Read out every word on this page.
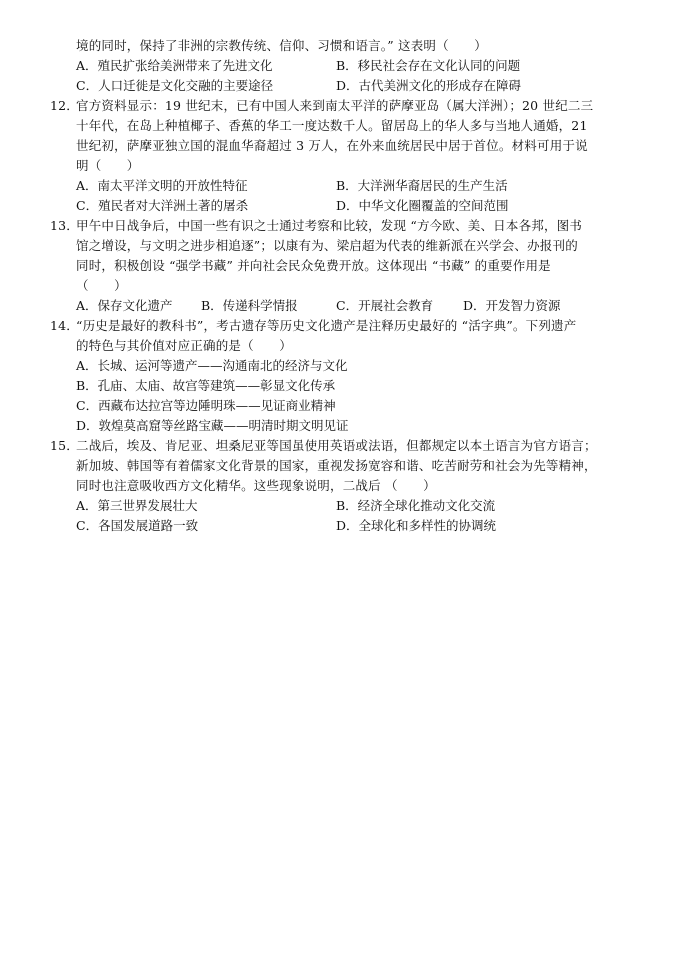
境的同时，保持了非洲的宗教传统、信仰、习惯和语言。” 这表明（　　）
A．殖民扩张给美洲带来了先进文化	B．移民社会存在文化认同的问题
C．人口迁徙是文化交融的主要途径	D．古代美洲文化的形成存在障碍
12．
官方资料显示：19 世纪末，已有中国人来到南太平洋的萨摩亚岛（属大洋洲）；20 世纪二三
十年代，在岛上种植椰子、香蕉的华工一度达数千人。留居岛上的华人多与当地人通婚，21
世纪初，萨摩亚独立国的混血华裔超过 3 万人，在外来血统居民中居于首位。材料可用于说
明（　　）
A．南太平洋文明的开放性特征	B．大洋洲华裔居民的生产生活
C．殖民者对大洋洲土著的屠杀	D．中华文化圈覆盖的空间范围
13．
甲午中日战争后，中国一些有识之士通过考察和比较，发现 “方今欧、美、日本各邦，图书
馆之增设，与文明之进步相追逐”；以康有为、梁启超为代表的维新派在兴学会、办报刊的
同时，积极创设 “强学书藏” 并向社会民众免费开放。这体现出 “书藏” 的重要作用是
（　　）
A．保存文化遗产 B．传递科学情报	C．开展社会教育 D．开发智力资源
14．
“历史是最好的教科书”，考古遗存等历史文化遗产是注释历史最好的 “活字典”。下列遗产
的特色与其价值对应正确的是（　　）
A．长城、运河等遗产——沟通南北的经济与文化
B．孔庙、太庙、故宫等建筑——彰显文化传承
C．西藏布达拉宫等边陲明珠——见证商业精神
D．敦煌莫高窟等丝路宝藏——明清时期文明见证
15．
二战后，埃及、肯尼亚、坦桑尼亚等国虽使用英语或法语，但都规定以本土语言为官方语言；
新加坡、韩国等有着儒家文化背景的国家，重视发扬宽容和谐、吃苦耐劳和社会为先等精神，
同时也注意吸收西方文化精华。这些现象说明，二战后 （　　）
A．第三世界发展壮大	B．经济全球化推动文化交流
C．各国发展道路一致	D．全球化和多样性的协调统
